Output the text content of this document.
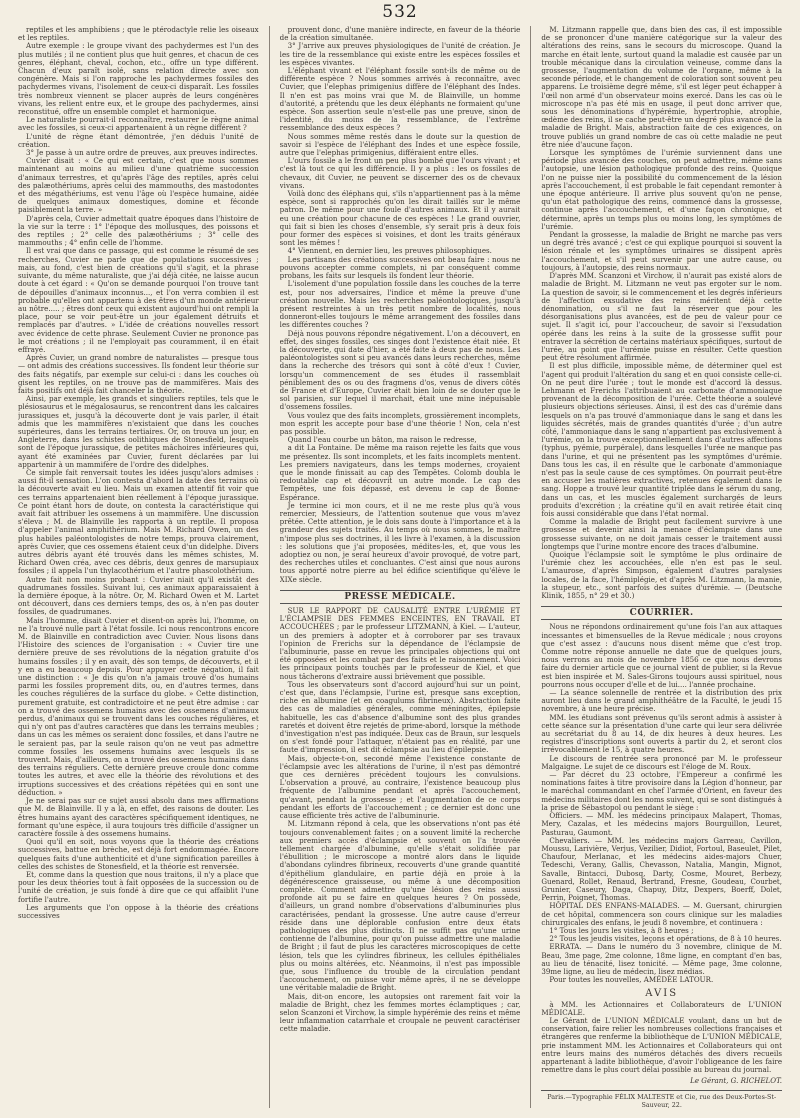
532

reptiles et les amphibiens ; que le ptérodactyle relie les oiseaux et les reptiles.

Autre exemple : le groupe vivant des pachydermes est l'un des plus mutilés ; il ne contient plus que huit genres, et chacun de ces genres, éléphant, cheval, cochon, etc., offre un type différent. Chacun d'eux paraît isolé, sans relation directe avec son congénère. Mais si l'on rapproche les pachydermes fossiles des pachydermes vivans, l'isolement de ceux-ci disparaît. Les fossiles très nombreux viennent se placer auprès de leurs congénères vivans, les relient entre eux, et le groupe des pachydermes, ainsi reconstitué, offre un ensemble complet et harmonique.

Le naturaliste pourrait-il reconnaître, restaurer le règne animal avec les fossiles, si ceux-ci appartenaient à un règne différent ?

L'unité de règne étant démontrée, j'en déduis l'unité de création.

3° Je passe à un autre ordre de preuves, aux preuves indirectes.

Cuvier disait : « Ce qui est certain, c'est que nous sommes maintenant au moins au milieu d'une quatrième succession d'animaux terrestres, et qu'après l'âge des reptiles, après celui des palæothériums, après celui des mammouths, des mastodontes et des mégathériums, est venu l'âge où l'espèce humaine, aidée de quelques animaux domestiques, domine et féconde paisiblement la terre. »

D'après cela, Cuvier admettait quatre époques dans l'histoire de la vie sur la terre : 1° l'époque des mollusques, des poissons et des reptiles ; 2° celle des palæothériums ; 3° celle des mammouths ; 4° enfin celle de l'homme.

Il est vrai que dans ce passage, qui est comme le résumé de ses recherches, Cuvier ne parle que de populations successives ; mais, au fond, c'est bien de créations qu'il s'agit, et la phrase suivante, du même naturaliste, que j'ai déjà citée, ne laisse aucun doute à cet égard : « Qu'on se demande pourquoi l'on trouve tant de dépouilles d'animaux inconnus..., et l'on verra combien il est probable qu'elles ont appartenu à des êtres d'un monde antérieur au nôtre..... ; êtres dont ceux qui existent aujourd'hui ont rempli la place, pour se voir peut-être un jour également détruits et remplacés par d'autres. » L'idée de créations nouvelles ressort avec évidence de cette phrase. Seulement Cuvier ne prononce pas le mot créations ; il ne l'employait pas couramment, il en était effrayé.

Après Cuvier, un grand nombre de naturalistes — presque tous — ont admis des créations successives. Ils fondent leur théorie sur des faits négatifs, par exemple sur celui-ci : dans les couches où gisent les reptiles, on ne trouve pas de mammifères. Mais des faits positifs ont déjà fait chanceler la théorie.

Ainsi, par exemple, les grands et singuliers reptiles, tels que le plésiosaurus et le mégalosaurus, se rencontrent dans les calcaires jurassiques et, jusqu'à la découverte dont je vais parler, il était admis que les mammifères n'existaient que dans les couches supérieures, dans les terrains tertiaires. Or, on trouva un jour, en Angleterre, dans les schistes oolithiques de Stonesfield, lesquels sont de l'époque jurassique, de petites mâchoires inférieures qui, ayant été examinées par Cuvier, furent déclarées par lui appartenir à un mammifère de l'ordre des didelphes.

Ce simple fait renversait toutes les idées jusqu'alors admises : aussi fit-il sensation. L'on contesta d'abord la date des terrains où la découverte avait eu lieu. Mais un examen attentif fit voir que ces terrains appartenaient bien réellement à l'époque jurassique. Ce point étant hors de doute, on contesta la caractéristique qui avait fait attribuer les ossemens à un mammifère. Une discussion s'éleva ; M. de Blainville les rapporta à un reptile. Il proposa d'appeler l'animal amphithérium. Mais M. Richard Owen, un des plus habiles paléontologistes de notre temps, prouva clairement, après Cuvier, que ces ossemens étaient ceux d'un didelphe. Divers autres débris ayant été trouvés dans les mêmes schistes, M. Richard Owen créa, avec ces débris, deux genres de marsupiaux fossiles ; il appela l'un thylacothérium et l'autre phascolothérium.

Autre fait non moins probant : Cuvier niait qu'il existât des quadrumanes fossiles. Suivant lui, ces animaux apparaissaient à la dernière époque, à la nôtre. Or, M. Richard Owen et M. Lartet ont découvert, dans ces derniers temps, des os, à n'en pas douter fossiles, de quadrumanes.

Mais l'homme, disait Cuvier et disent-on après lui, l'homme, on ne l'a trouvé nulle part à l'état fossile. Ici nous rencontrons encore M. de Blainville en contradiction avec Cuvier. Nous lisons dans l'Histoire des sciences de l'organisation : « Cuvier tire une dernière preuve de ses révolutions de la négation gratuite d'os humains fossiles ; il y en avait, dès son temps, de découverts, et il y en a eu beaucoup depuis. Pour appuyer cette négation, il fait une distinction : « Je dis qu'on n'a jamais trouvé d'os humains parmi les fossiles proprement dits, ou, en d'autres termes, dans les couches régulières de la surface du globe. » Cette distinction, purement gratuite, est contradictoire et ne peut être admise : car on a trouvé des ossemens humains avec des ossemens d'animaux perdus, d'animaux qui se trouvent dans les couches régulières, et qui n'y ont pas d'autres caractères que dans les terrains meubles ; dans un cas les mêmes os seraient donc fossiles, et dans l'autre ne le seraient pas, par la seule raison qu'on ne veut pas admettre comme fossiles les ossemens humains avec lesquels ils se trouvent. Mais, d'ailleurs, on a trouvé des ossemens humains dans des terrains réguliers. Cette dernière preuve croule donc comme toutes les autres, et avec elle la théorie des révolutions et des irruptions successives et des créations répétées qui en sont une déduction. »

Je ne serai pas sur ce sujet aussi absolu dans mes affirmations que M. de Blainville. Il y a là, en effet, des raisons de douter. Les êtres humains ayant des caractères spécifiquement identiques, ne formant qu'une espèce, il aura toujours très difficile d'assigner un caractère fossile à des ossemens humains.

Quoi qu'il en soit, nous voyons que la théorie des créations successives, battue en brèche, est déjà fort endommagée. Encore quelques faits d'une authenticité et d'une signification pareilles à celles des schistes de Stonesfield, et la théorie est renversée.

Et, comme dans la question que nous traitons, il n'y a place que pour les deux théories tout à fait opposées de la succession ou de l'unité de création, je suis fondé à dire que ce qui affaiblit l'une fortifie l'autre.

Les arguments que l'on oppose à la théorie des créations successives

prouvent donc, d'une manière indirecte, en faveur de la théorie de la création simultanée.

3° J'arrive aux preuves physiologiques de l'unité de création. Je les tire de la ressemblance qui existe entre les espèces fossiles et les espèces vivantes.

L'éléphant vivant et l'éléphant fossile sont-ils de même ou de différente espèce ? Nous sommes arrivés à reconnaître, avec Cuvier, que l'elephas primigenius diffère de l'éléphant des Indes. Il n'en est pas moins vrai que M. de Blainville, un homme d'autorité, a prétendu que les deux éléphants ne formaient qu'une espèce. Son assertion seule n'est-elle pas une preuve, sinon de l'identité, du moins de la ressemblance, de l'extrême ressemblance des deux espèces ?

Nous sommes même restés dans le doute sur la question de savoir si l'espèce de l'éléphant des Indes et une espèce fossile, autre que l'elephas primigenius, différaient entre elles.

L'ours fossile a le front un peu plus bombé que l'ours vivant ; et c'est là tout ce qui les différencie. Il y a plus : les os fossiles de chevaux, dit Cuvier, ne peuvent se discerner des os de chevaux vivans.

Voilà donc des éléphans qui, s'ils n'appartiennent pas à la même espèce, sont si rapprochés qu'on les dirait taillés sur le même patron. De même pour une foule d'autres animaux. Et il y aurait eu une création pour chacune de ces espèces ! Le grand ouvrier, qui fait si bien les choses d'ensemble, s'y serait pris à deux fois pour former des espèces si voisines, et dont les traits généraux sont les mêmes !

4° Viennent, en dernier lieu, les preuves philosophiques.

Les partisans des créations successives ont beau faire : nous ne pouvons accepter comme complets, ni par conséquent comme probans, les faits sur lesquels ils fondent leur théorie.

L'isolement d'une population fossile dans les couches de la terre est, pour nos adversaires, l'indice et même la preuve d'une création nouvelle. Mais les recherches paléontologiques, jusqu'à présent restreintes à un très petit nombre de localités, nous donneront-elles toujours le même arrangement des fossiles dans les différentes couches ?

Déjà nous pouvons répondre négativement. L'on a découvert, en effet, des singes fossiles, ces singes dont l'existence était niée. Et la découverte, qui date d'hier, a été faite à deux pas de nous. Les paléontologistes sont si peu avancés dans leurs recherches, même dans la recherche des trésors qui sont à côté d'eux ! Cuvier, lorsqu'un commencement de ses études il rassemblait péniblement des os ou des fragmens d'os, venus de divers côtés de France et d'Europe, Cuvier était bien loin de se douter que le sol parisien, sur lequel il marchait, était une mine inépuisable d'ossemens fossiles.

Vous voulez que des faits incomplets, grossièrement incomplets, mon esprit les accepte pour base d'une théorie ! Non, cela n'est pas possible.

Quand l'eau courbe un bâton, ma raison le redresse,

a dit La Fontaine. De même ma raison rejette les faits que vous me présentez. Ils sont incomplets, et les faits incomplets mentent. Les premiers navigateurs, dans les temps modernes, croyaient que le monde finissait au cap des Tempêtes. Colomb doubla le redoutable cap et découvrit un autre monde. Le cap des Tempêtes, une fois dépassé, est devenu le cap de Bonne-Espérance.

Je termine ici mon cours, et il ne me reste plus qu'à vous remercier, Messieurs, de l'attention soutenue que vous m'avez prêtée. Cette attention, je le dois sans doute à l'importance et à la grandeur des sujets traités. Au temps où nous sommes, le maître n'impose plus ses doctrines, il les livre à l'examen, à la discussion : les solutions que j'ai proposées, médites-les, et, que vous les adoptiez ou non, je serai heureux d'avoir provoqué, de votre part, des recherches utiles et concluantes. C'est ainsi que nous aurons tous apporté notre pierre au bel édifice scientifique qu'élève le XIXe siècle.

PRESSE MÉDICALE.

SUR LE RAPPORT DE CAUSALITÉ ENTRE L'URÉMIE ET L'ÉCLAMPSIE DES FEMMES ENCEINTES, EN TRAVAIL ET ACCOUCHÉES ; par le professeur LITZMANN, à Kiel. — L'auteur, un des premiers à adopter et à corroborer par ses travaux l'opinion de Frerichs sur la dépendance de l'éclampsie de l'albuminurie, passe en revue les principales objections qui ont été opposées et les combat par des faits et le raisonnement. Voici les principaux points touchés par le professeur de Kiel, et que nous tâcherons d'extraire aussi brièvement que possible.

Tous les observateurs sont d'accord aujourd'hui sur un point, c'est que, dans l'éclampsie, l'urine est, presque sans exception, riche en albumine (et en coagulums fibrineux). Abstraction faite des cas de maladies générales, comme méningites, épilepsie habituelle, les cas d'absence d'albumine sont des plus grandes raretés et doivent être rejetés de prime-abord, lorsque la méthode d'investigation n'est pas indiquée. Deux cas de Braun, sur lesquels on s'est fondé pour l'attaquer, n'étaient pas en réalité, par une faute d'impression, il est dit éclampsie au lieu d'épilepsie.

Mais, objecte-t-on, secondé même l'existence constante de l'éclampsie avec les altérations de l'urine, il n'est pas démontré que ces dernières précèdent toujours les convulsions. L'observation a prouvé, au contraire, l'existence beaucoup plus fréquente de l'albumine pendant et après l'accouchement, qu'avant, pendant la grossesse ; et l'augmentation de ce corps pendant les efforts de l'accouchement ; ce dernier est donc une cause efficiente très active de l'albuminurie.

M. Litzmann répond à cela, que les observations n'ont pas été toujours convenablement faites ; on a souvent limité la recherche aux premiers accès d'éclampsie et souvent on l'a trouvée tellement chargée d'albumine, qu'elle s'était solidifiée par l'ébullition ; le microscope a montré alors dans le liquide d'abondans cylindres fibrineux, recouverts d'une grande quantité d'épithélium glandulaire, en partie déjà en proie à la dégénérescence graisseuse, ou même à une décomposition complète. Comment admettre qu'une lésion des reins aussi profonde ait pu se faire en quelques heures ? On possède, d'ailleurs, un grand nombre d'observations d'albuminuries plus caractérisées, pendant la grossesse. Une autre cause d'erreur réside dans une déplorable confusion entre deux états pathologiques des plus distincts. Il ne suffit pas qu'une urine contienne de l'albumine, pour qu'on puisse admettre une maladie de Bright ; il faut de plus les caractères microscopiques de cette lésion, tels que les cylindres fibrineux, les cellules épithéliales plus ou moins altérées, etc. Néanmoins, il n'est pas impossible que, sous l'influence du trouble de la circulation pendant l'accouchement, on puisse voir même après, il ne se développe une véritable maladie de Bright.

Mais, dit-on encore, les autopsies ont rarement fait voir la maladie de Bright, chez les femmes mortes éclamptiques ; car, selon Scanzoni et Virchow, la simple hypérémie des reins et même leur inflammation catarrhale et croupale ne peuvent caractériser cette maladie.

M. Litzmann rappelle que, dans bien des cas, il est impossible de se prononcer d'une manière catégorique sur la valeur des altérations des reins, sans le secours du microscope. Quand la marche en était lente, surtout quand la maladie est causée par un trouble mécanique dans la circulation veineuse, comme dans la grossesse, l'augmentation du volume de l'organe, même à la seconde période, et le changement de coloration sont souvent peu apparens. Le troisième degré même, s'il est léger peut échapper à l'œil non armé d'un observateur moins exercé. Dans les cas où le microscope n'a pas été mis en usage, il peut donc arriver que, sous les dénominations d'hypérémie, hypertrophie, atrophie, œdème des reins, il se cache peut-être un degré plus avancé de la maladie de Bright. Mais, abstraction faite de ces exigences, on trouve publiés un grand nombre de cas où cette maladie ne peut être niée d'aucune façon.

Lorsque les symptômes de l'urémie surviennent dans une période plus avancée des couches, on peut admettre, même sans l'autopsie, une lésion pathologique profonde des reins. Quoique l'on ne puisse nier la possibilité du commencement de la lésion après l'accouchement, il est probable le fait cependant remonter à une époque antérieure. Il arrive plus souvent qu'on ne pense, qu'un état pathologique des reins, commencé dans la grossesse, continue après l'accouchement, et d'une façon chronique, et détermine, après un temps plus ou moins long, les symptômes de l'urémie.

Pendant la grossesse, la maladie de Bright ne marche pas vers un degré très avancé ; c'est ce qui explique pourquoi si souvent la lésion rénale et les symptômes urinaires se dissipent après l'accouchement, et s'il peut survenir par une autre cause, ou toujours, à l'autopsie, des reins normaux.

D'après MM. Scanzoni et Virchow, il n'aurait pas existé alors de maladie de Bright. M. Litzmann ne veut pas ergoter sur le nom. La question de savoir, si le commencement et les degrés inférieurs de l'affection exsudative des reins méritent déjà cette dénomination, ou s'il ne faut la réserver que pour les désorganisations plus avancées, est de peu de valeur pour ce sujet. Il s'agit ici, pour l'accoucheur, de savoir si l'exsudation opérée dans les reins à la suite de la grossesse suffit pour entraver la sécrétion de certains matériaux spécifiques, surtout de l'urée, au point que l'urémie puisse en résulter. Cette question peut être résolument affirmée.

Il est plus difficile, impossible même, de déterminer quel est l'agent qui produit l'altération du sang et en quoi consiste celle-ci. On ne peut dire l'urée ; tout le monde est d'accord là dessus. Lehmann et Frerichs l'attribuaient au carbonate d'ammoniaque provenant de la décomposition de l'urée. Cette théorie a soulevé plusieurs objections sérieuses. Ainsi, il est des cas d'urémie dans lesquels on n'a pas trouvé d'ammoniaque dans le sang et dans les liquides sécrétés, mais de grandes quantités d'urée ; d'un autre côté, l'ammoniaque dans le sang n'appartient pas exclusivement à l'urémie, on la trouve exceptionnellement dans d'autres affections (typhus, pyémie, purpérale), dans lesquelles l'urée ne manque pas dans l'urine, et qui ne présentent pas les symptômes d'urémie. Dans tous les cas, il en résulte que le carbonate d'ammoniaque n'est pas la seule cause de ces symptômes. On pourrait peut-être en accuser les matières extractives, retenues également dans le sang. Hoppe a trouvé leur quantité triplée dans le sérum du sang, dans un cas, et les muscles également surchargés de leurs produits d'excrétion ; la créatine qu'il en avait retirée était cinq fois aussi considérable que dans l'état normal.

Comme la maladie de Bright peut facilement survivre à une grossesse et devenir ainsi la menace d'éclampsie dans une grossesse suivante, on ne doit jamais cesser le traitement aussi longtemps que l'urine montre encore des traces d'albumine.

Quoique l'éclampsie soit le symptôme le plus ordinaire de l'urémie chez les accouchées, elle n'en est pas le seul. L'amaurose, d'après Simpson, également d'autres paralysies locales, de la face, l'hémiplégie, et d'après M. Litzmann, la manie, la stupeur, etc., sont parfois des suites d'urémie. — (Deutsche Klinik, 1855, n° 29 et 30.)

COURRIER.

Nous ne répondons ordinairement qu'une fois l'an aux attaques incessantes et bimensuelles de la Revue médicale ; nous croyons que c'est assez : d'aucuns nous disent même que c'est trop. Comme notre réponse annuelle ne date que de quelques jours, nous verrons au mois de novembre 1856 ce que nous devrons faire du dernier article que ce journal vient de publier, si la Revue est bien inspirée et M. Sales-Girons toujours aussi spirituel, nous pourrons nous occuper d'elle et de lui.... l'année prochaine.

— La séance solennelle de rentrée et la distribution des prix auront lieu dans le grand amphithéâtre de la Faculté, le jeudi 15 novembre, à une heure précise.

MM. les étudians sont prévenus qu'ils seront admis à assister à cette séance sur la présentation d'une carte qui leur sera délivrée au secrétariat du 8 au 14, de dix heures à deux heures. Les registres d'inscriptions sont ouverts à partir du 2, et seront clos irrévocablement le 15, à quatre heures.

Le discours de rentrée sera prononcé par M. le professeur Malgaigne. Le sujet de ce discours est l'éloge de M. Roux.

— Par décret du 23 octobre, l'Empereur a confirmé les nominations faites à titre provisoire dans la Légion d'honneur, par le maréchal commandant en chef l'armée d'Orient, en faveur des médecins militaires dont les noms suivent, qui se sont distingués à la prise de Sébastopol ou pendant le siège :

Officiers. — MM. les médecins principaux Malapert, Thomas, Mery, Cazalas, et les médecins majors Bourguillon, Leuret, Pasturau, Gaumont.

Chevaliers. — MM. les médecins majors Garreau, Cavillon, Moussu, Larivière, Verjus, Vezilier, Didiot, Fortoul, Baseulet, Pilet, Chaufour, Merlanac, et les médecins aides-majors Chuer, Tedeschi, Verany, Gallis, Chevasson, Natalia, Mangin, Mignot, Savalle, Bintacci, Dubosq, Darty, Cosme, Mouret, Berbezy, Guenard, Rollet, Renaud, Bertrand, Fresne, Goudeau, Courbet, Grunier, Caseury, Daga, Chapuy, Ditz, Dexpers, Boerff, Dolet, Perrin, Poignet, Thomas.

HÔPITAL DES ENFANS-MALADES. — M. Guersant, chirurgien de cet hôpital, commencera son cours clinique sur les maladies chirurgicales des enfans, le jeudi 8 novembre, et continuera :

1° Tous les jours les visites, à 8 heures ;

2° Tous les jeudis visites, leçons et opérations, de 8 à 10 heures.

ERRATA. — Dans le numéro du 3 novembre, clinique de M. Beau, 3me page, 2me colonne, 18me ligne, en comptant d'en bas, au lieu de ténacité, lisez tonicité. — Même page, 3me colonne, 39me ligne, au lieu de médecin, lisez médias.

Pour toutes les nouvelles, AMÉDÉE LATOUR.

AVIS

à MM. les Actionnaires et Collaborateurs de L'UNION MÉDICALE.

Le Gérant de L'UNION MÉDICALE voulant, dans un but de conservation, faire relier les nombreuses collections françaises et étrangères que renferme la bibliothèque de L'UNION MÉDICALE, prie instamment MM. les Actionnaires et Collaborateurs qui ont entre leurs mains des numéros détachés des divers recueils appartenant à ladite bibliothèque, d'avoir l'obligeance de les faire remettre dans le plus court délai possible au bureau du journal.

Le Gérant, G. RICHELOT.
Paris.—Typographie FÉLIX MALTESTE et Cie, rue des Deux-Portes-St-Sauveur, 22.
